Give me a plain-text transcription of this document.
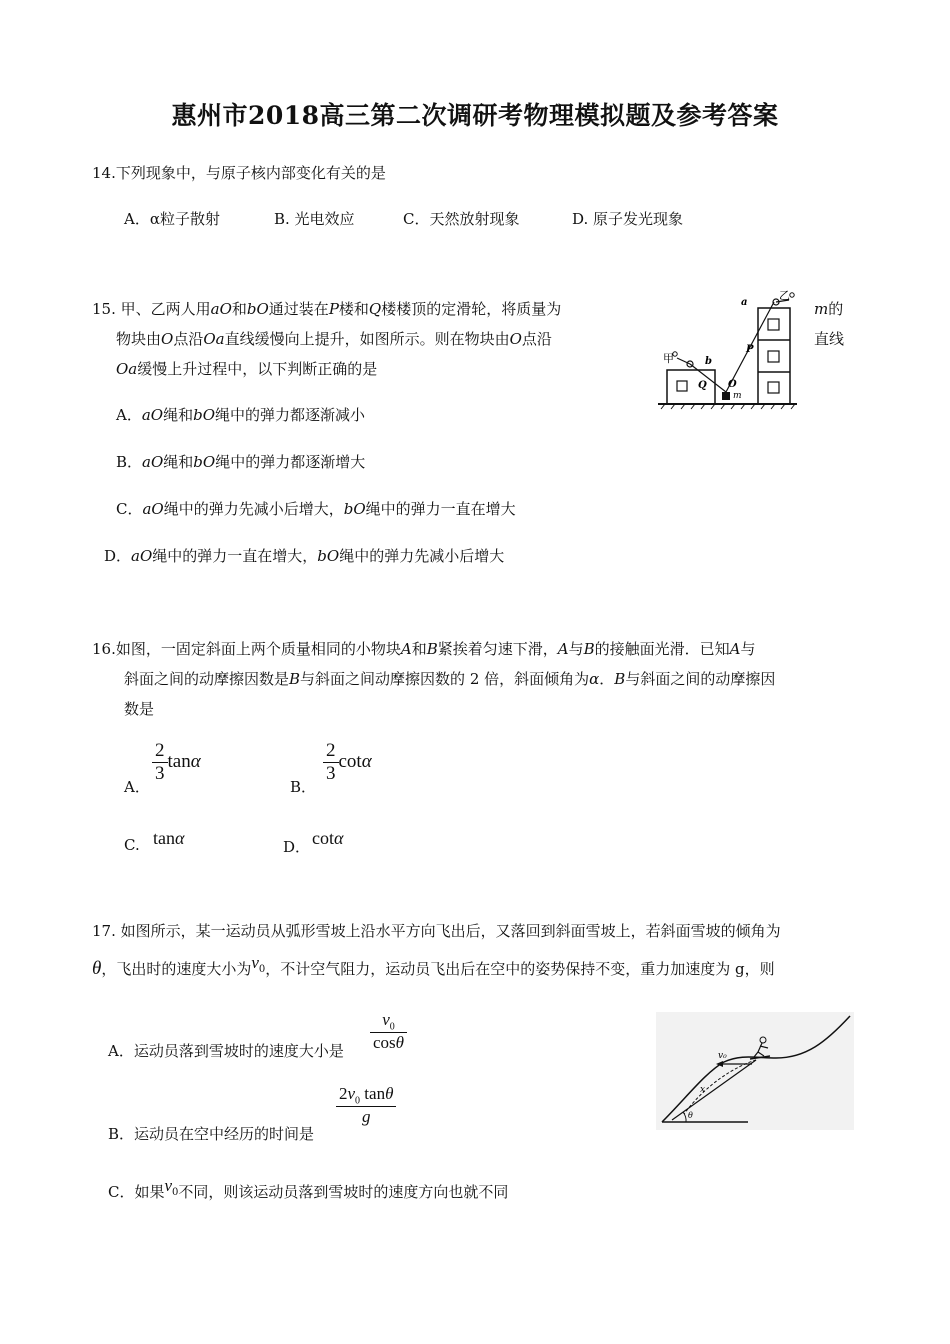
惠州市2018高三第二次调研考物理模拟题及参考答案
14.下列现象中，与原子核内部变化有关的是
A．α粒子散射	B. 光电效应	C．天然放射现象	D. 原子发光现象
15. 甲、乙两人用aO和bO通过装在P楼和Q楼楼顶的定滑轮，将质量为	m的
物块由O点沿Oa直线缓慢向上提升，如图所示。则在物块由O点沿	直线
Oa缓慢上升过程中，以下判断正确的是
A．aO绳和bO绳中的弹力都逐渐减小
B．aO绳和bO绳中的弹力都逐渐增大
C．aO绳中的弹力先减小后增大，bO绳中的弹力一直在增大
D．aO绳中的弹力一直在增大，bO绳中的弹力先减小后增大
甲
乙
a
b
P
Q O
m
16.如图，一固定斜面上两个质量相同的小物块A和B紧挨着匀速下滑，A与B的接触面光滑．已知A与
斜面之间的动摩擦因数是B与斜面之间动摩擦因数的 2 倍，斜面倾角为α．B与斜面之间的动摩擦因
数是
A．
$\frac{2}{3}$ tanα
B．
$\frac{2}{3}$ cotα
C. tanα	D． cotα
17. 如图所示，某一运动员从弧形雪坡上沿水平方向飞出后，又落回到斜面雪坡上，若斜面雪坡的倾角为
θ，飞出时的速度大小为$v_0$，不计空气阻力，运动员飞出后在空中的姿势保持不变，重力加速度为 g，则
A．运动员落到雪坡时的速度大小是 $\frac{v_0}{\cos\theta}$
B．运动员在空中经历的时间是
$\frac{2v_0 \tan\theta}{g}$
C．如果$v_0$不同，则该运动员落到雪坡时的速度方向也就不同
v₀
x
θ
